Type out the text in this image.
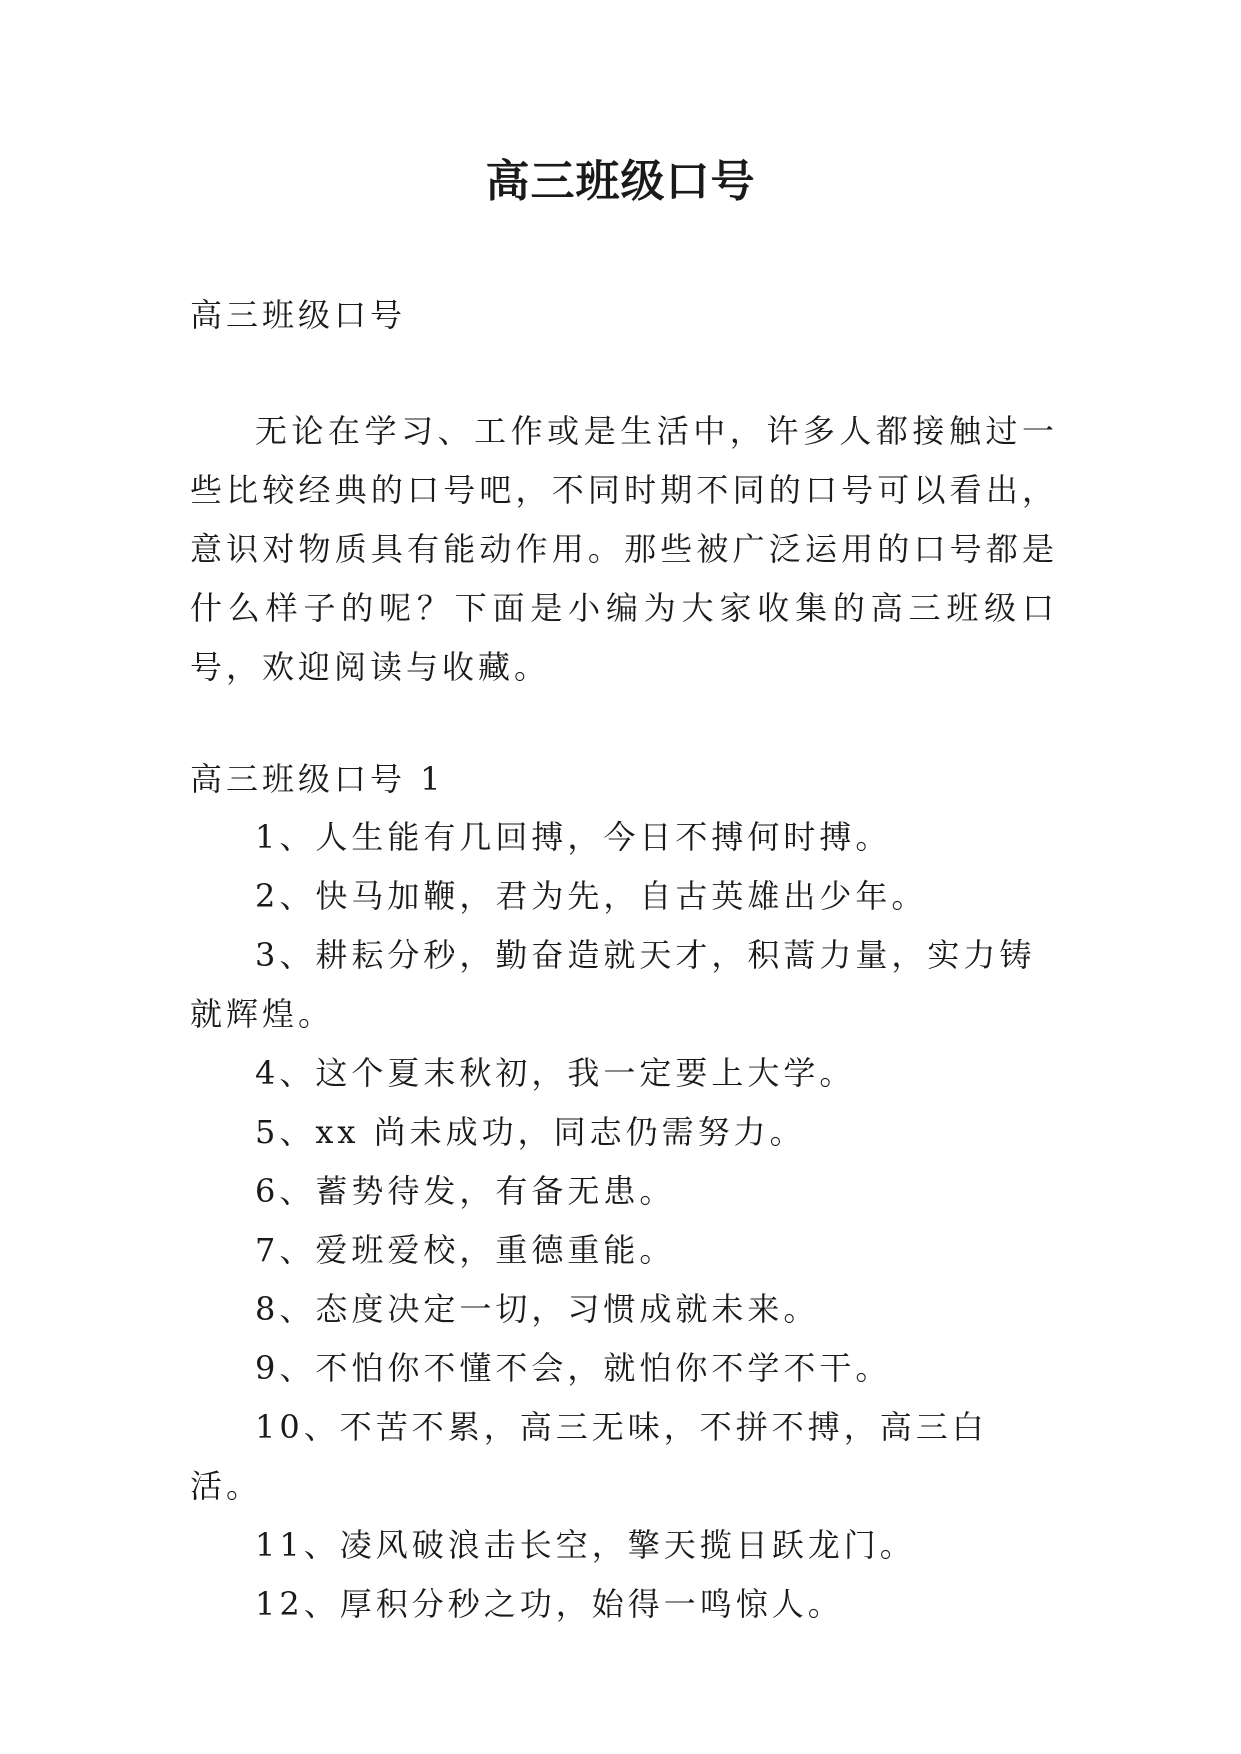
高三班级口号

高三班级口号

无论在学习、工作或是生活中，许多人都接触过一些比较经典的口号吧，不同时期不同的口号可以看出，意识对物质具有能动作用。那些被广泛运用的口号都是什么样子的呢？下面是小编为大家收集的高三班级口号，欢迎阅读与收藏。

高三班级口号 1

1、人生能有几回搏，今日不搏何时搏。
2、快马加鞭，君为先，自古英雄出少年。
3、耕耘分秒，勤奋造就天才，积蒿力量，实力铸就辉煌。
4、这个夏末秋初，我一定要上大学。
5、xx 尚未成功，同志仍需努力。
6、蓄势待发，有备无患。
7、爱班爱校，重德重能。
8、态度决定一切，习惯成就未来。
9、不怕你不懂不会，就怕你不学不干。
10、不苦不累，高三无味，不拼不搏，高三白活。
11、凌风破浪击长空，擎天揽日跃龙门。
12、厚积分秒之功，始得一鸣惊人。
